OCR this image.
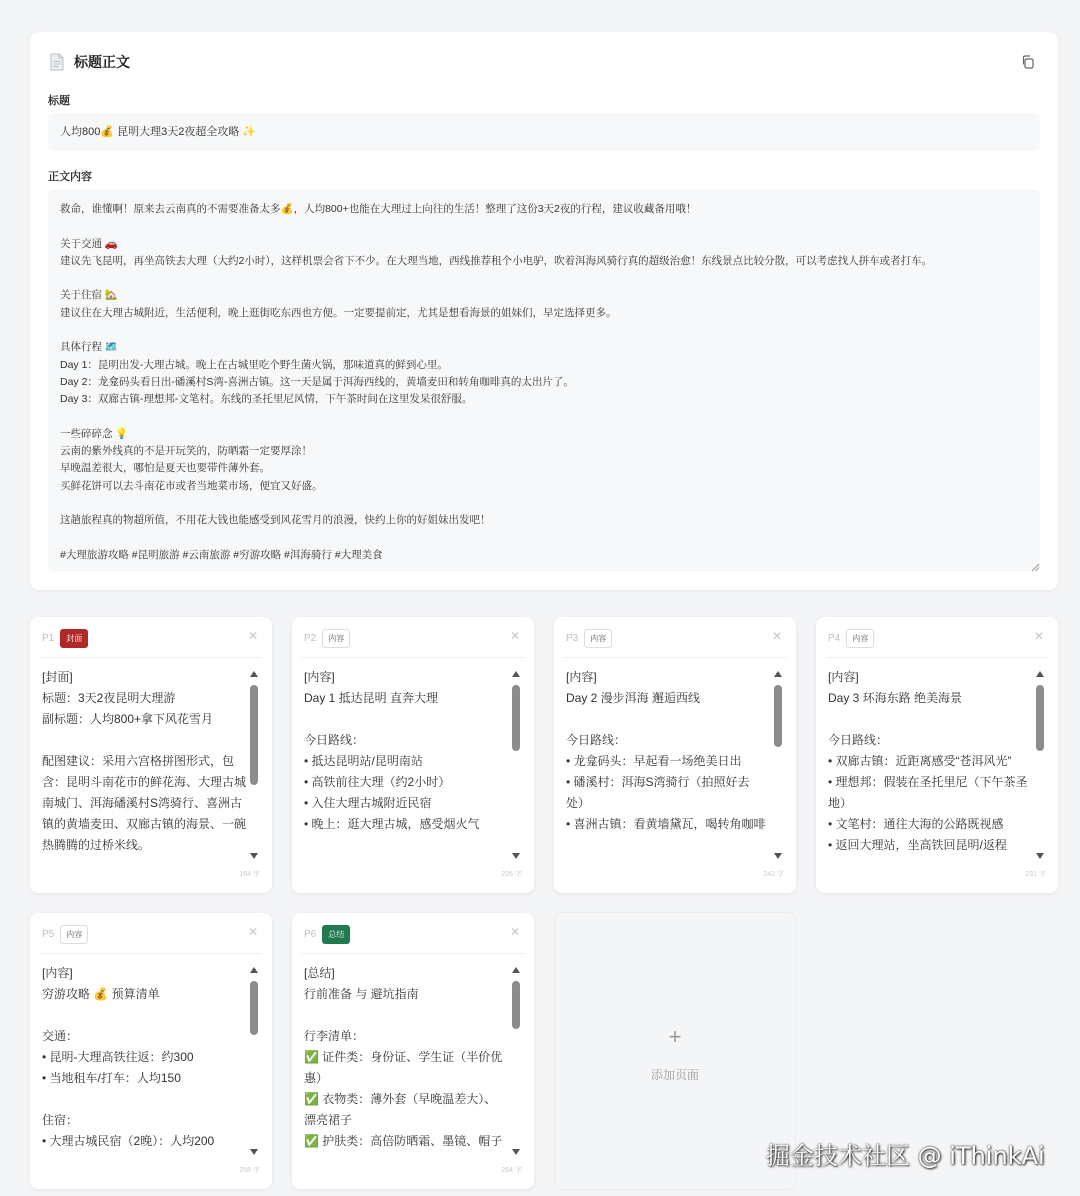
标题正文
标题
人均800💰 昆明大理3天2夜超全攻略 ✨
正文内容
救命，谁懂啊！原来去云南真的不需要准备太多💰，人均800+也能在大理过上向往的生活！整理了这份3天2夜的行程，建议收藏备用哦！

关于交通 🚗
建议先飞昆明，再坐高铁去大理（大约2小时），这样机票会省下不少。在大理当地，西线推荐租个小电驴，吹着洱海风骑行真的超级治愈！东线景点比较分散，可以考虑找人拼车或者打车。

关于住宿 🏡
建议住在大理古城附近，生活便利，晚上逛街吃东西也方便。一定要提前定，尤其是想看海景的姐妹们，早定选择更多。

具体行程 🗺️
Day 1：昆明出发-大理古城。晚上在古城里吃个野生菌火锅，那味道真的鲜到心里。
Day 2：龙龛码头看日出-磻溪村S湾-喜洲古镇。这一天是属于洱海西线的，黄墙麦田和转角咖啡真的太出片了。
Day 3：双廊古镇-理想邦-文笔村。东线的圣托里尼风情，下午茶时间在这里发呆很舒服。

一些碎碎念 💡
云南的紫外线真的不是开玩笑的，防晒霜一定要厚涂！
早晚温差很大，哪怕是夏天也要带件薄外套。
买鲜花饼可以去斗南花市或者当地菜市场，便宜又好盛。

这趟旅程真的物超所值，不用花大钱也能感受到风花雪月的浪漫，快约上你的好姐妹出发吧！

#大理旅游攻略 #昆明旅游 #云南旅游 #穷游攻略 #洱海骑行 #大理美食
P1	封面	✕
[封面]
标题：3天2夜昆明大理游
副标题：人均800+拿下风花雪月

配图建议：采用六宫格拼图形式，包含：昆明斗南花市的鲜花海、大理古城南城门、洱海磻溪村S湾骑行、喜洲古镇的黄墙麦田、双廊古镇的海景、一碗热腾腾的过桥米线。
164 字
P2	内容	✕
[内容]
Day 1 抵达昆明 直奔大理

今日路线：
• 抵达昆明站/昆明南站
• 高铁前往大理（约2小时）
• 入住大理古城附近民宿
• 晚上：逛大理古城，感受烟火气
226 字
P3	内容	✕
[内容]
Day 2 漫步洱海 邂逅西线

今日路线：
• 龙龛码头：早起看一场绝美日出
• 磻溪村：洱海S湾骑行（拍照好去处）
• 喜洲古镇：看黄墙黛瓦，喝转角咖啡
241 字
P4	内容	✕
[内容]
Day 3 环海东路 绝美海景

今日路线：
• 双廊古镇：近距离感受“苍洱风光”
• 理想邦：假装在圣托里尼（下午茶圣地）
• 文笔村：通往大海的公路既视感
• 返回大理站，坐高铁回昆明/返程
231 字
P5	内容	✕
[内容]
穷游攻略 💰 预算清单

交通：
• 昆明-大理高铁往返：约300
• 当地租车/打车：人均150

住宿：
• 大理古城民宿（2晚）：人均200
258 字
P6	总结	✕
[总结]
行前准备 与 避坑指南

行李清单：
✅ 证件类：身份证、学生证（半价优惠）
✅ 衣物类：薄外套（早晚温差大）、漂亮裙子
✅ 护肤类：高倍防晒霜、墨镜、帽子
264 字
+
添加页面
掘金技术社区 @ iThinkAi
